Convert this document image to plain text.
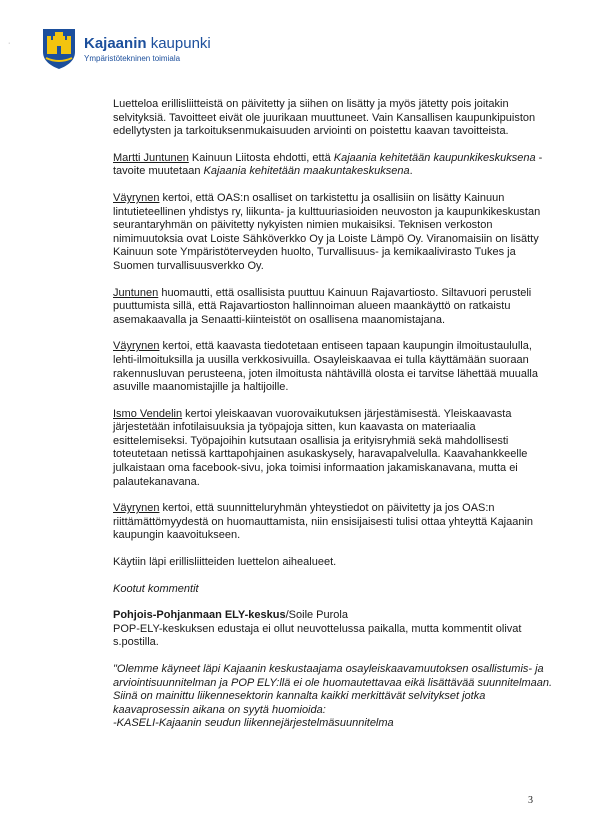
·	Kajaanin kaupunki
Ympäristötekninen toimiala

Luetteloa erillisliitteistä on päivitetty ja siihen on lisätty ja myös jätetty pois joitakin selvityksiä. Tavoitteet eivät ole juurikaan muuttuneet. Vain Kansallisen kaupunkipuiston edellytysten ja tarkoituksenmukaisuuden arviointi on poistettu kaavan tavoitteista.

Martti Juntunen Kainuun Liitosta ehdotti, että Kajaania kehitetään kaupunkikeskuksena -tavoite muutetaan Kajaania kehitetään maakuntakeskuksena.

Väyrynen kertoi, että OAS:n osalliset on tarkistettu ja osallisiin on lisätty Kainuun lintutieteellinen yhdistys ry, liikunta- ja kulttuuriasioiden neuvoston ja kaupunkikeskustan seurantaryhmän on päivitetty nykyisten nimien mukaisiksi. Teknisen verkoston nimimuutoksia ovat Loiste Sähköverkko Oy ja Loiste Lämpö Oy. Viranomaisiin on lisätty Kainuun sote Ympäristöterveyden huolto, Turvallisuus- ja kemikaalivirasto Tukes ja Suomen turvallisuusverkko Oy.

Juntunen huomautti, että osallisista puuttuu Kainuun Rajavartiosto. Siltavuori perusteli puuttumista sillä, että Rajavartioston hallinnoiman alueen maankäyttö on ratkaistu asemakaavalla ja Senaatti-kiinteistöt on osallisena maanomistajana.

Väyrynen kertoi, että kaavasta tiedotetaan entiseen tapaan kaupungin ilmoitustaululla, lehti-ilmoituksilla ja uusilla verkkosivuilla. Osayleiskaavaa ei tulla käyttämään suoraan rakennusluvan perusteena, joten ilmoitusta nähtävillä olosta ei tarvitse lähettää muualla asuville maanomistajille ja haltijoille.

Ismo Vendelin kertoi yleiskaavan vuorovaikutuksen järjestämisestä. Yleiskaavasta järjestetään infotilaisuuksia ja työpajoja sitten, kun kaavasta on materiaalia esittelemiseksi. Työpajoihin kutsutaan osallisia ja erityisryhmiä sekä mahdollisesti toteutetaan netissä karttapohjainen asukaskysely, haravapalvelulla. Kaavahankkeelle julkaistaan oma facebook-sivu, joka toimisi informaation jakamiskanavana, mutta ei palautekanavana.

Väyrynen kertoi, että suunnitteluryhmän yhteystiedot on päivitetty ja jos OAS:n riittämättömyydestä on huomauttamista, niin ensisijaisesti tulisi ottaa yhteyttä Kajaanin kaupungin kaavoitukseen.

Käytiin läpi erillisliitteiden luettelon aihealueet.

Kootut kommentit

Pohjois-Pohjanmaan ELY-keskus/Soile Purola
POP-ELY-keskuksen edustaja ei ollut neuvottelussa paikalla, mutta kommentit olivat s.postilla.

"Olemme käyneet läpi Kajaanin keskustaajama osayleiskaavamuutoksen osallistumis- ja arviointisuunnitelman ja POP ELY:llä ei ole huomautettavaa eikä lisättävää suunnitelmaan. Siinä on mainittu liikennesektorin kannalta kaikki merkittävät selvitykset jotka kaavaprosessin aikana on syytä huomioida:
-KASELI-Kajaanin seudun liikennejärjestelmäsuunnitelma

3
